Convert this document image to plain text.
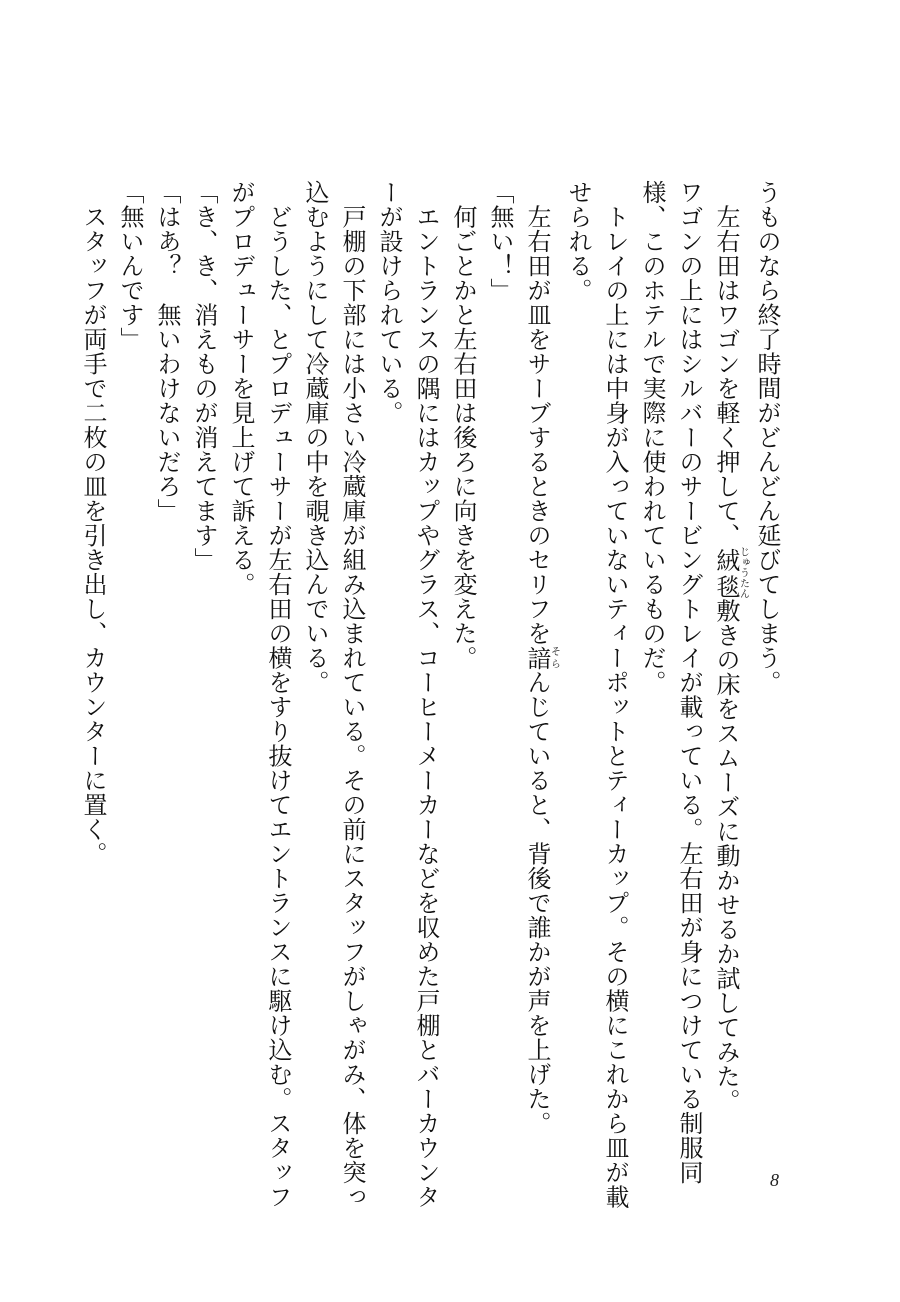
うものなら終了時間がどんどん延びてしまう。
　左右田はワゴンを軽く押して、絨毯じゅうたん敷きの床をスムーズに動かせるか試してみた。
ワゴンの上にはシルバーのサービングトレイが載っている。左右田が身につけている制服同
様、このホテルで実際に使われているものだ。
　トレイの上には中身が入っていないティーポットとティーカップ。その横にこれから皿が載
せられる。
　左右田が皿をサーブするときのセリフを諳そらんじていると、背後で誰かが声を上げた。
「無い！」
　何ごとかと左右田は後ろに向きを変えた。
　エントランスの隅にはカップやグラス、コーヒーメーカーなどを収めた戸棚とバーカウンタ
ーが設けられている。
　戸棚の下部には小さい冷蔵庫が組み込まれている。その前にスタッフがしゃがみ、体を突っ
込むようにして冷蔵庫の中を覗き込んでいる。
　どうした、とプロデューサーが左右田の横をすり抜けてエントランスに駆け込む。スタッフ
がプロデューサーを見上げて訴える。
「き、き、消えものが消えてます」
「はあ？　無いわけないだろ」
「無いんです」
　スタッフが両手で二枚の皿を引き出し、カウンターに置く。
8
